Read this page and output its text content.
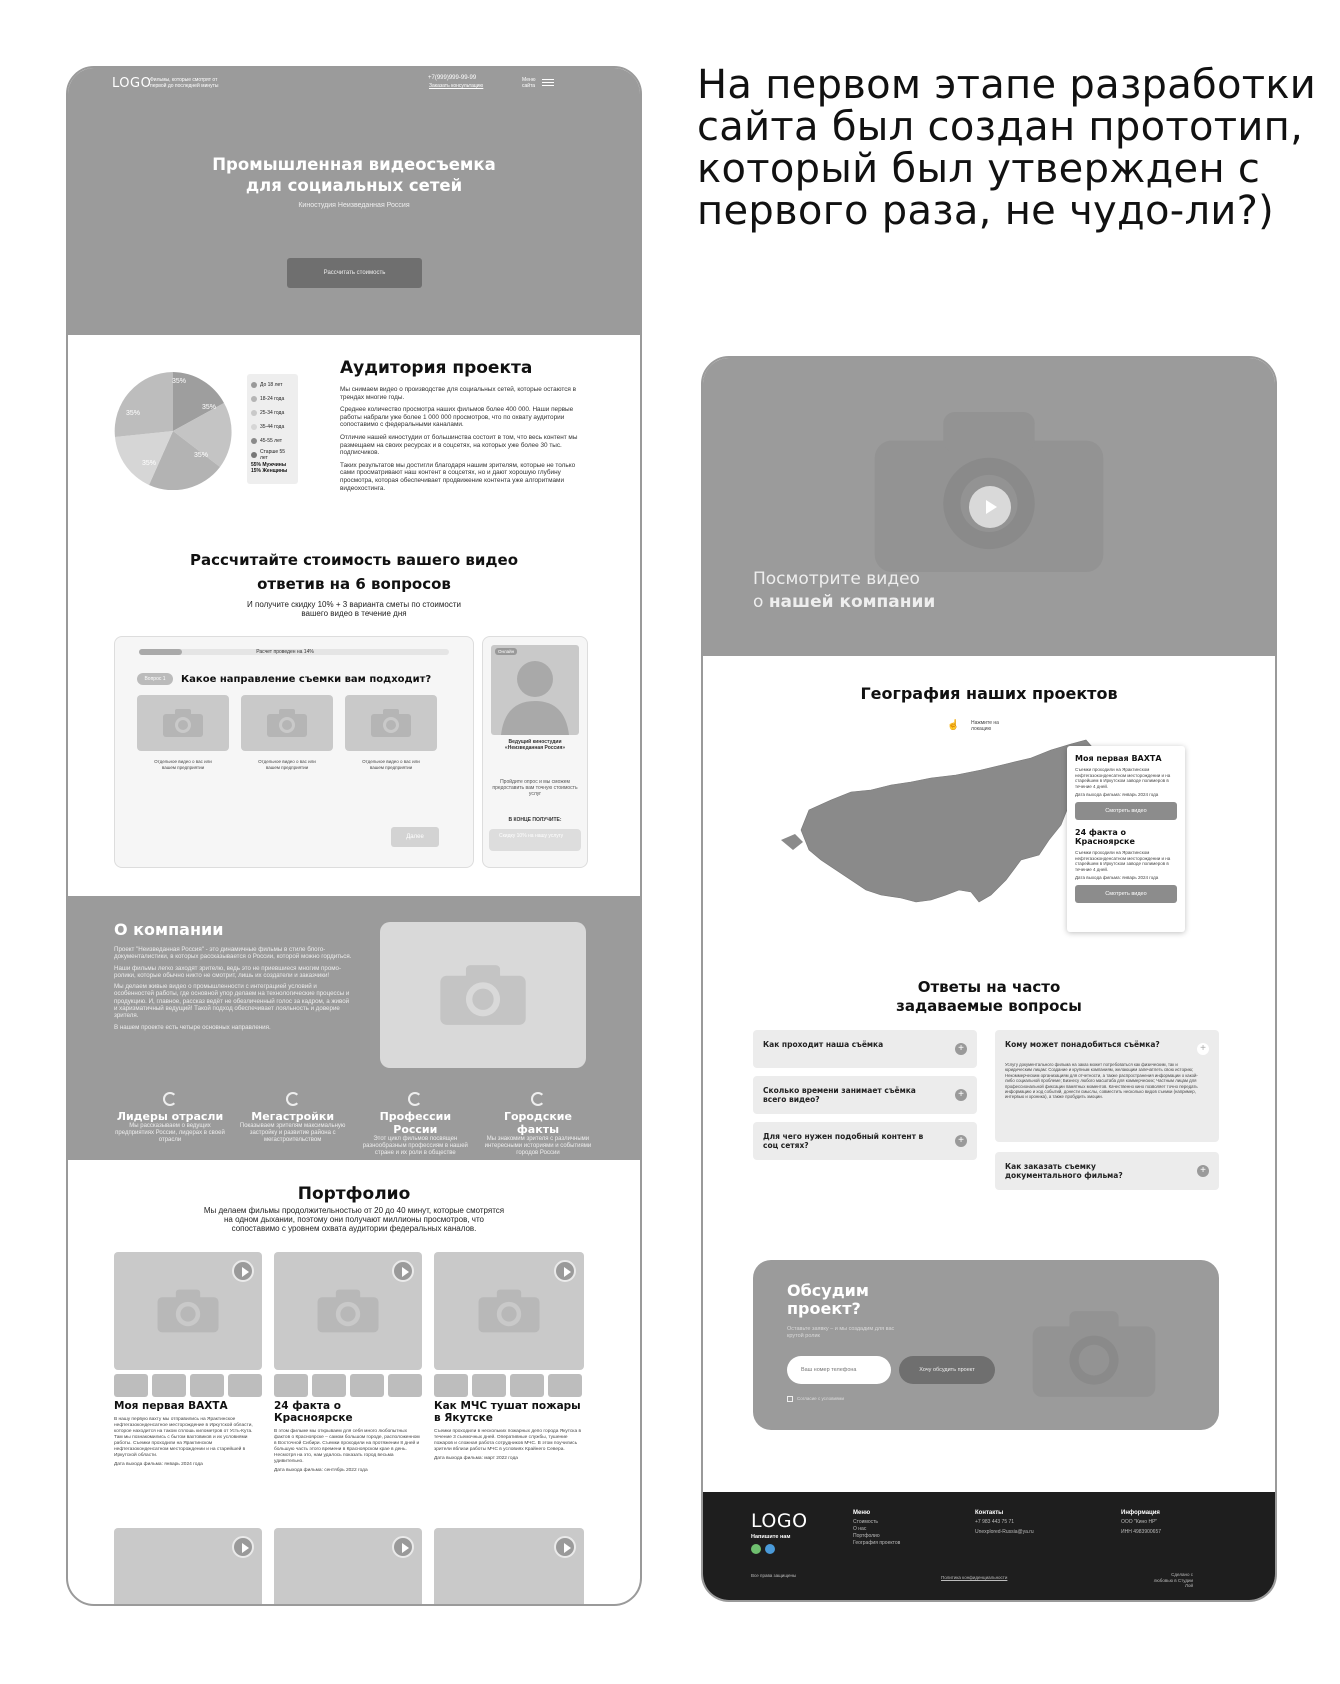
На первом этапе разработки сайта был создан прототип, который был утвержден с первого раза, не чудо-ли?)
LOGO
Фильмы, которые смотрят от первой до последней минуты
+7(999)999-99-99
Заказать консультацию
Меню сайта
Промышленная видеосъемка
для социальных сетей
Киностудия Неизведанная Россия
Рассчитать стоимость
35%
35%
35%
35%
35%
До 18 лет
18-24 года
25-34 года
35-44 года
45-55 лет
Старше 55 лет
55% Мужчины
15% Женщины
Аудитория проекта

Мы снимаем видео о производстве для социальных сетей, которые остаются в трендах многие годы.

Среднее количество просмотра наших фильмов более 400 000. Наши первые работы набрали уже более 1 000 000 просмотров, что по охвату аудитории сопоставимо с федеральными каналами.

Отличие нашей киностудии от большинства состоит в том, что весь контент мы размещаем на своих ресурсах и в соцсетях, на которых уже более 30 тыс. подписчиков.

Таких результатов мы достигли благодаря нашим зрителям, которые не только сами просматривают наш контент в соцсетях, но и дают хорошую глубину просмотра, которая обеспечивает продвижение контента уже алгоритмами видеохостинга.

Рассчитайте стоимость вашего видео
ответив на 6 вопросов
И получите скидку 10% + 3 варианта сметы по стоимости
вашего видео в течение дня
Расчет проведен на 14%
Вопрос 1	Какое направление съемки вам подходит?
Отдельное видео о вас или вашем предприятии
Отдельное видео о вас или вашем предприятии
Отдельное видео о вас или вашем предприятии
Далее
Онлайн
Ведущий киностудии «Неизведанная Россия»
Пройдите опрос и мы сможем предоставить вам точную стоимость услуг
В КОНЦЕ ПОЛУЧИТЕ:
Скидку 10% на нашу услугу
О компании

Проект "Неизведанная Россия" - это динамичные фильмы в стиле блого-документалистики, в которых рассказывается о России, которой можно гордиться.

Наши фильмы легко заходят зрителю, ведь это не приевшиеся многим промо-ролики, которые обычно никто не смотрит, лишь их создатели и заказчики!

Мы делаем живые видео о промышленности с интеграцией условий и особенностей работы, где основной упор делаем на технологические процессы и продукцию. И, главное, рассказ ведёт не обезличенный голос за кадром, а живой и харизматичный ведущий! Такой подход обеспечивает лояльность и доверие зрителя.

В нашем проекте есть четыре основных направления.

Лидеры отрасли
Мы рассказываем о ведущих предприятиях России, лидерах в своей отрасли
Мегастройки
Показываем зрителям максимальную застройку и развитие района с мегастроительством
Профессии России
Этот цикл фильмов посвящен разнообразным профессиям в нашей стране и их роли в обществе
Городские факты
Мы знакомим зрителя с различными интересными историями и событиями городов России
Портфолио
Мы делаем фильмы продолжительностью от 20 до 40 минут, которые смотрятся
на одном дыхании, поэтому они получают миллионы просмотров, что
сопоставимо с уровнем охвата аудитории федеральных каналов.
Моя первая ВАХТА
В нашу первую вахту мы отправились на Ярактинское нефтегазоконденсатное месторождение в Иркутской области, которое находится на таком сплошь километров от Усть-Кута. Там мы познакомились с бытом вахтовиков и их условиями работы. Съемки проходили на Ярактинском нефтегазоконденсатном месторождении и на старейшей в Иркутской области.
Дата выхода фильма: январь 2024 года
24 факта о Красноярске
В этом фильме мы открываем для себя много любопытных фактов о Красноярске – самом большом городе, расположенном в Восточной Сибири. Съемки проходили на протяжении 8 дней и большую часть этого времени в Красноярском крае в день. Несмотря на это, нам удалось показать город весьма удивительно.
Дата выхода фильма: сентябрь 2022 года
Как МЧС тушат пожары в Якутске
Съемки проходили в нескольких пожарных депо города Якутска в течение 3 съемочных дней. Оперативные службы, тушение пожаров и сложная работа сотрудников МЧС. В этом поучились зрители вблизи работы МЧС в условиях Крайнего Севера.
Дата выхода фильма: март 2022 года
Посмотрите видео
о нашей компании
География наших проектов
Нажмите на локацию
☝
Моя первая ВАХТА
Съемки проходили на Ярактинском нефтегазоконденсатном месторождении и на старейшем в Иркутском заводе полимеров в течение 4 дней.
Дата выхода фильма: январь 2024 года
Смотреть видео
24 факта о Красноярске
Съемки проходили на Ярактинском нефтегазоконденсатном месторождении и на старейшем в Иркутском заводе полимеров в течение 4 дней.
Дата выхода фильма: январь 2024 года
Смотреть видео
Ответы на часто
задаваемые вопросы
Как проходит наша съёмка	+
Сколько времени занимает съёмка всего видео?	+
Для чего нужен подобный контент в соц сетях?	+
Кому может понадобиться съёмка?	+
Услугу документального фильма на заказ может потребоваться как физическим, так и юридическим лицам: Создание и крупным компаниям, желающим запечатлеть свою историю; Некоммерческим организациям для отчетности, а также распространения информации о какой-либо социальной проблеме; Бизнесу любого масштаба для коммерческих; Частным лицам для профессиональной фиксации памятных моментов. Качественно кино позволяет точно передать информацию и ход событий, донести смыслы, совместить несколько видов съемки (например, интервью и хроника), а также пробудить эмоции.
Как заказать съемку документального фильма?	+
Обсудим
проект?
Оставьте заявку – и мы создадим для вас крутой ролик
Ваш номер телефона
Хочу обсудить проект
Согласие с условиями
LOGO
Напишите нам
Меню
Стоимость
О нас
Портфолио
География проектов
Контакты
+7 983 443 75 71
Unexplored-Russia@ya.ru
Информация
ООО "Кино НР"
ИНН 4983900657
Все права защищены	Политика конфиденциальности
Сделано с любовью в Студии Лой
